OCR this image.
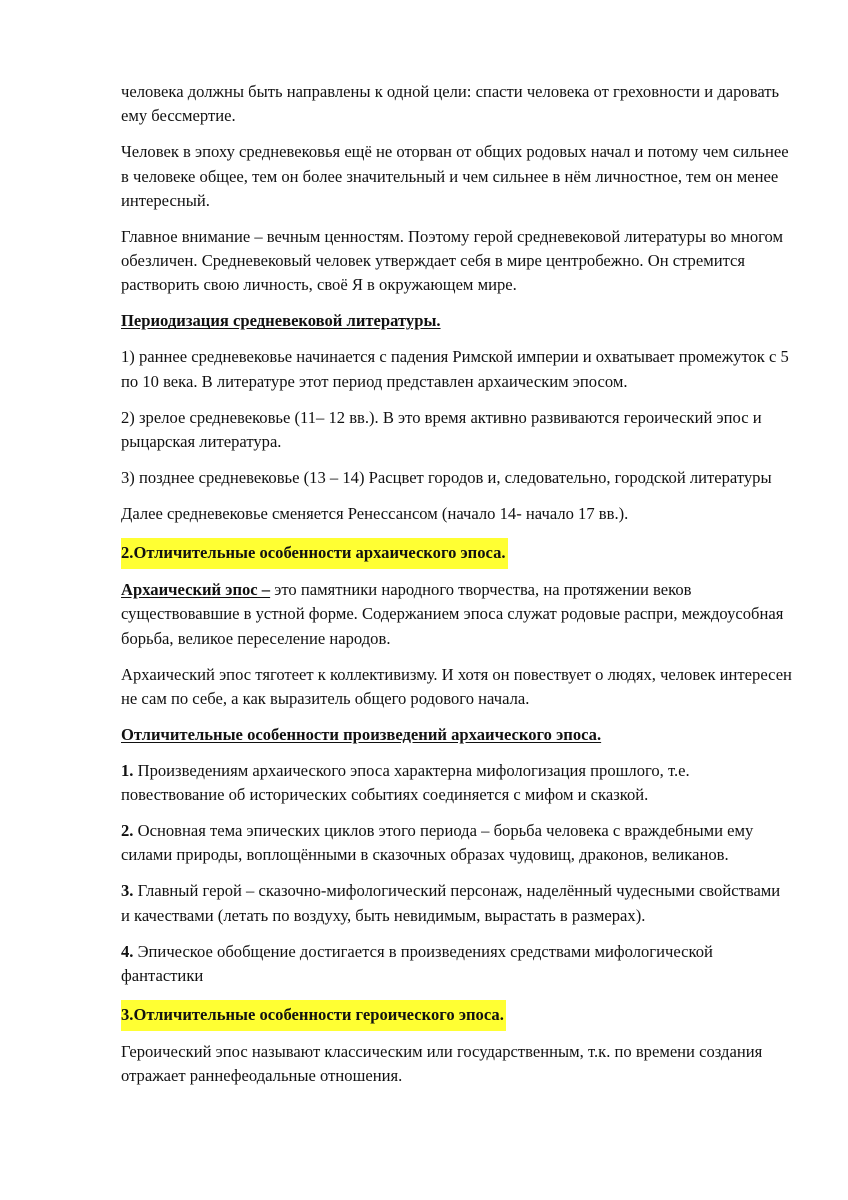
человека должны быть направлены к одной цели: спасти человека от греховности и даровать ему бессмертие.

Человек в эпоху средневековья ещё не оторван от общих родовых начал и потому чем сильнее в человеке общее, тем он более значительный и чем сильнее в нём личностное, тем он менее интересный.

Главное внимание – вечным ценностям. Поэтому герой средневековой литературы во многом обезличен. Средневековый человек утверждает себя в мире центробежно. Он стремится растворить свою личность, своё Я в окружающем мире.

Периодизация средневековой литературы.

1) раннее средневековье начинается с падения Римской империи и охватывает промежуток с 5 по 10 века. В литературе этот период представлен архаическим эпосом.

2) зрелое средневековье (11– 12 вв.). В это время активно развиваются героический эпос и рыцарская литература.

3) позднее средневековье (13 – 14) Расцвет городов и, следовательно, городской литературы

Далее средневековье сменяется Ренессансом (начало 14- начало 17 вв.).

2.Отличительные особенности архаического эпоса.

Архаический эпос – это памятники народного творчества, на протяжении веков существовавшие в устной форме. Содержанием эпоса служат родовые распри, междоусобная борьба, великое переселение народов.

Архаический эпос тяготеет к коллективизму. И хотя он повествует о людях, человек интересен не сам по себе, а как выразитель общего родового начала.

Отличительные особенности произведений архаического эпоса.

1. Произведениям архаического эпоса характерна мифологизация прошлого, т.е. повествование об исторических событиях соединяется с мифом и сказкой.

2. Основная тема эпических циклов этого периода – борьба человека с враждебными ему силами природы, воплощёнными в сказочных образах чудовищ, драконов, великанов.

3. Главный герой – сказочно-мифологический персонаж, наделённый чудесными свойствами и качествами (летать по воздуху, быть невидимым, вырастать в размерах).

4. Эпическое обобщение достигается в произведениях средствами мифологической фантастики

3.Отличительные особенности героического эпоса.

Героический эпос называют классическим или государственным, т.к. по времени создания отражает раннефеодальные отношения.
